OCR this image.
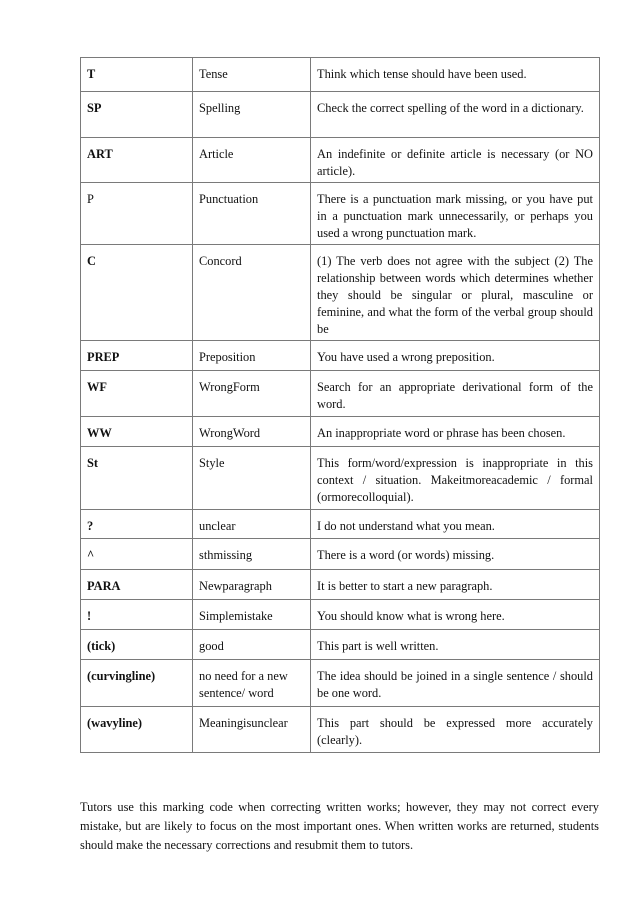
T	Tense	Think which tense should have been used.

SP	Spelling	Check the correct spelling of the word in a dictionary.

ART	Article	An indefinite or definite article is necessary (or NO article).

P	Punctuation	There is a punctuation mark missing, or you have put in a punctuation mark unnecessarily, or perhaps you used a wrong punctuation mark.

C	Concord	(1) The verb does not agree with the subject (2) The relationship between words which determines whether they should be singular or plural, masculine or feminine, and what the form of the verbal group should be

PREP	Preposition	You have used a wrong preposition.

WF	WrongForm	Search for an appropriate derivational form of the word.

WW	WrongWord	An inappropriate word or phrase has been chosen.

St	Style	This form/word/expression is inappropriate in this context / situation. Makeitmoreacademic / formal (ormorecolloquial).

?	unclear	I do not understand what you mean.

^	sthmissing	There is a word (or words) missing.

PARA	Newparagraph	It is better to start a new paragraph.

!	Simplemistake	You should know what is wrong here.

(tick)	good	This part is well written.

(curvingline)	no need for a new sentence/ word	The idea should be joined in a single sentence / should be one word.

(wavyline)	Meaningisunclear	This part should be expressed more accurately (clearly).

Tutors use this marking code when correcting written works; however, they may not correct every mistake, but are likely to focus on the most important ones. When written works are returned, students should make the necessary corrections and resubmit them to tutors.
